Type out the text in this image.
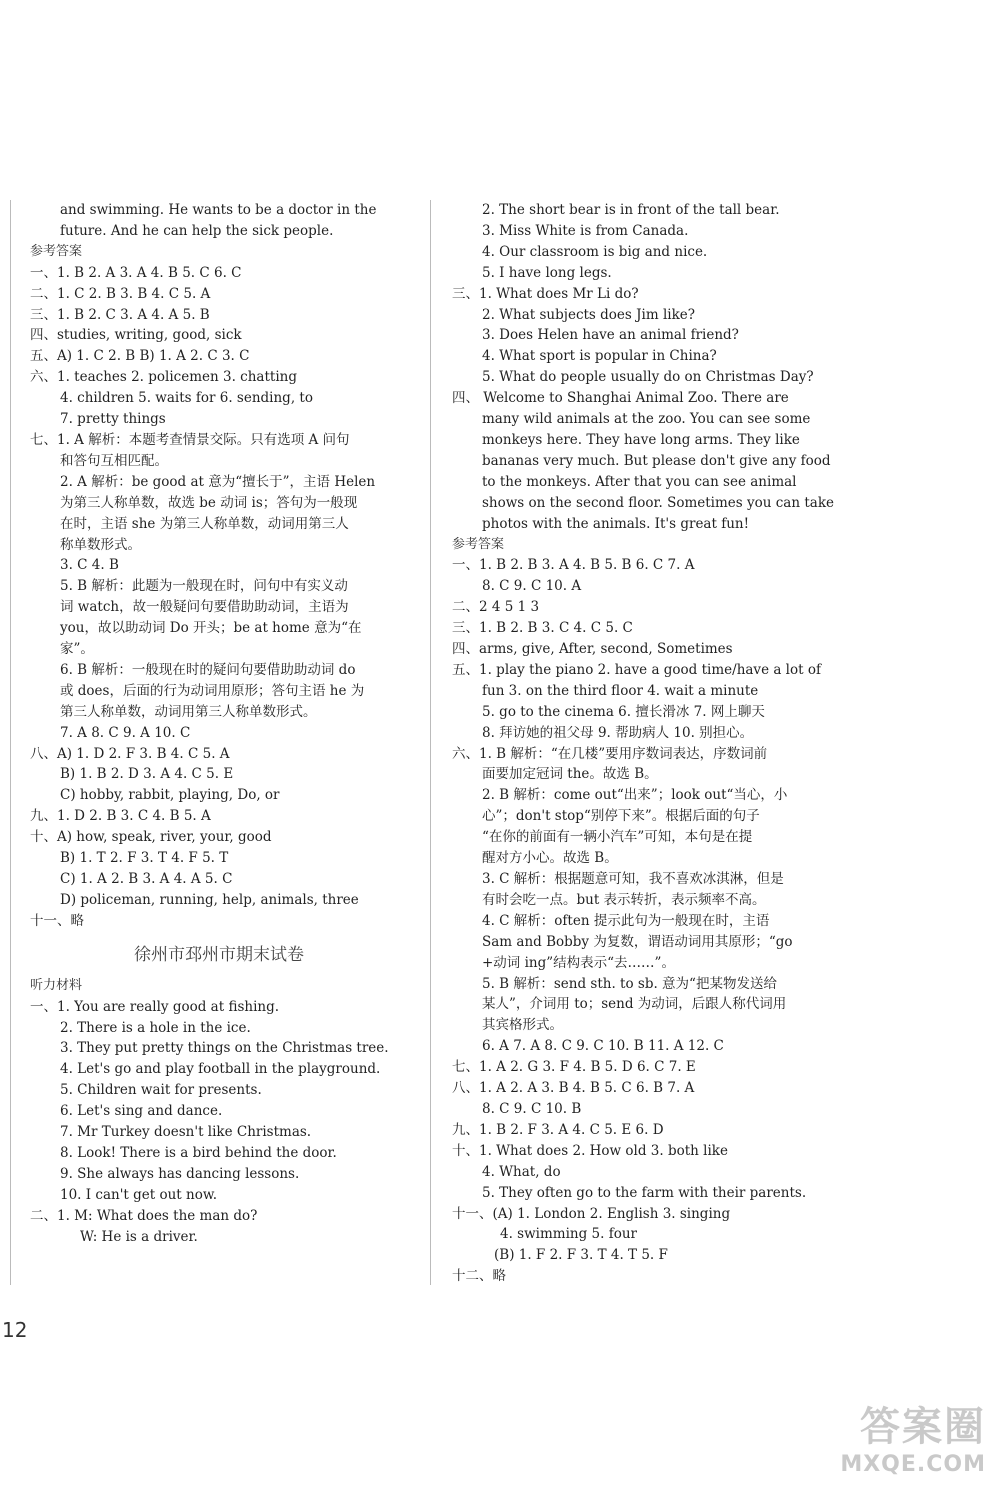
and swimming. He wants to be a doctor in the
future. And he can help the sick people.
参考答案
一、1. B 2. A 3. A 4. B 5. C 6. C
二、1. C 2. B 3. B 4. C 5. A
三、1. B 2. C 3. A 4. A 5. B
四、studies, writing, good, sick
五、A) 1. C 2. B B) 1. A 2. C 3. C
六、1. teaches 2. policemen 3. chatting
4. children 5. waits for 6. sending, to
7. pretty things
七、1. A 解析：本题考查情景交际。只有选项 A 问句
和答句互相匹配。
2. A 解析：be good at 意为“擅长于”，主语 Helen
为第三人称单数，故选 be 动词 is；答句为一般现
在时，主语 she 为第三人称单数，动词用第三人
称单数形式。
3. C 4. B
5. B 解析：此题为一般现在时，问句中有实义动
词 watch，故一般疑问句要借助助动词，主语为
you，故以助动词 Do 开头；be at home 意为“在
家”。
6. B 解析：一般现在时的疑问句要借助助动词 do
或 does，后面的行为动词用原形；答句主语 he 为
第三人称单数，动词用第三人称单数形式。
7. A 8. C 9. A 10. C
八、A) 1. D 2. F 3. B 4. C 5. A
B) 1. B 2. D 3. A 4. C 5. E
C) hobby, rabbit, playing, Do, or
九、1. D 2. B 3. C 4. B 5. A
十、A) how, speak, river, your, good
B) 1. T 2. F 3. T 4. F 5. T
C) 1. A 2. B 3. A 4. A 5. C
D) policeman, running, help, animals, three
十一、略
徐州市邳州市期末试卷
听力材料
一、1. You are really good at fishing.
2. There is a hole in the ice.
3. They put pretty things on the Christmas tree.
4. Let's go and play football in the playground.
5. Children wait for presents.
6. Let's sing and dance.
7. Mr Turkey doesn't like Christmas.
8. Look! There is a bird behind the door.
9. She always has dancing lessons.
10. I can't get out now.
二、1. M: What does the man do?
W: He is a driver.
2. The short bear is in front of the tall bear.
3. Miss White is from Canada.
4. Our classroom is big and nice.
5. I have long legs.
三、1. What does Mr Li do?
2. What subjects does Jim like?
3. Does Helen have an animal friend?
4. What sport is popular in China?
5. What do people usually do on Christmas Day?
四、 Welcome to Shanghai Animal Zoo. There are
many wild animals at the zoo. You can see some
monkeys here. They have long arms. They like
bananas very much. But please don't give any food
to the monkeys. After that you can see animal
shows on the second floor. Sometimes you can take
photos with the animals. It's great fun!
参考答案
一、1. B 2. B 3. A 4. B 5. B 6. C 7. A
8. C 9. C 10. A
二、2 4 5 1 3
三、1. B 2. B 3. C 4. C 5. C
四、arms, give, After, second, Sometimes
五、1. play the piano 2. have a good time/have a lot of
fun 3. on the third floor 4. wait a minute
5. go to the cinema 6. 擅长滑冰 7. 网上聊天
8. 拜访她的祖父母 9. 帮助病人 10. 别担心。
六、1. B 解析：“在几楼”要用序数词表达，序数词前
面要加定冠词 the。故选 B。
2. B 解析：come out“出来”；look out“当心，小
心”；don't stop“别停下来”。根据后面的句子
“在你的前面有一辆小汽车”可知，本句是在提
醒对方小心。故选 B。
3. C 解析：根据题意可知，我不喜欢冰淇淋，但是
有时会吃一点。but 表示转折，表示频率不高。
4. C 解析：often 提示此句为一般现在时，主语
Sam and Bobby 为复数，谓语动词用其原形；“go
+动词 ing”结构表示“去……”。
5. B 解析：send sth. to sb. 意为“把某物发送给
某人”，介词用 to；send 为动词，后跟人称代词用
其宾格形式。
6. A 7. A 8. C 9. C 10. B 11. A 12. C
七、1. A 2. G 3. F 4. B 5. D 6. C 7. E
八、1. A 2. A 3. B 4. B 5. C 6. B 7. A
8. C 9. C 10. B
九、1. B 2. F 3. A 4. C 5. E 6. D
十、1. What does 2. How old 3. both like
4. What, do
5. They often go to the farm with their parents.
十一、(A) 1. London 2. English 3. singing
4. swimming 5. four
(B) 1. F 2. F 3. T 4. T 5. F
十二、略
12
答案圈
MXQE.COM
